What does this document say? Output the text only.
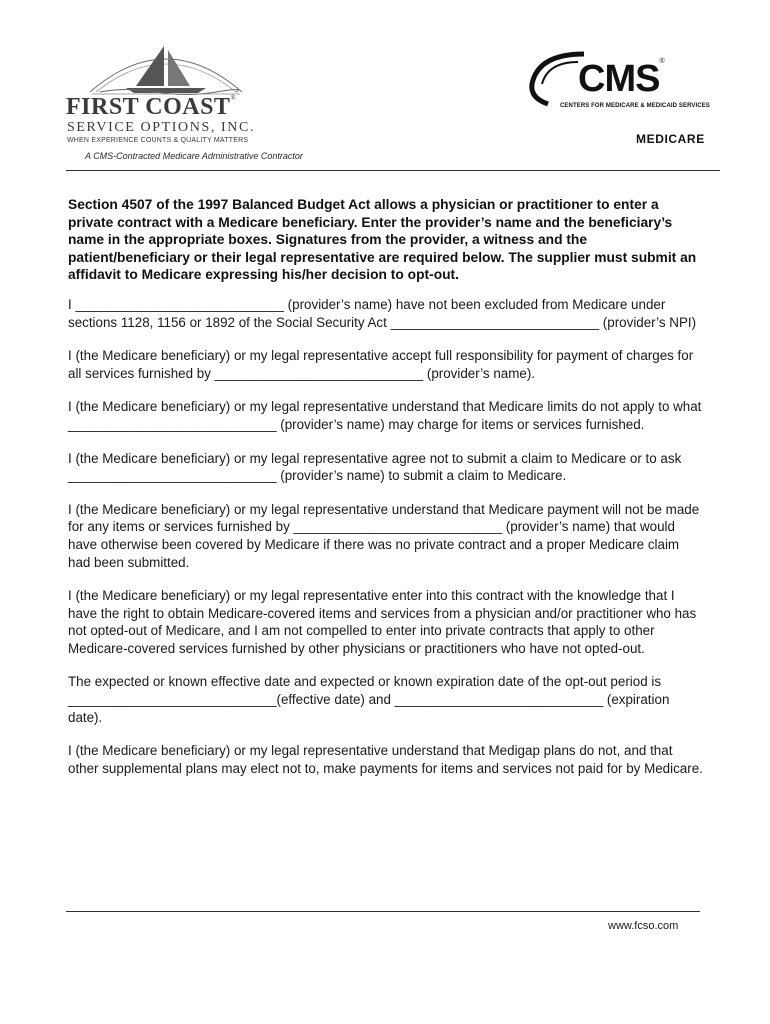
FIRST COAST®
SERVICE OPTIONS, INC.
WHEN EXPERIENCE COUNTS & QUALITY MATTERS
A CMS-Contracted Medicare Administrative Contractor
CMS®
CENTERS FOR MEDICARE & MEDICAID SERVICES
MEDICARE

Section 4507 of the 1997 Balanced Budget Act allows a physician or practitioner to enter a private contract with a Medicare beneficiary. Enter the provider’s name and the beneficiary’s name in the appropriate boxes. Signatures from the provider, a witness and the patient/beneficiary or their legal representative are required below. The supplier must submit an affidavit to Medicare expressing his/her decision to opt-out.

I ____________________________ (provider’s name) have not been excluded from Medicare under sections 1128, 1156 or 1892 of the Social Security Act ____________________________ (provider’s NPI)

I (the Medicare beneficiary) or my legal representative accept full responsibility for payment of charges for all services furnished by ____________________________ (provider’s name).

I (the Medicare beneficiary) or my legal representative understand that Medicare limits do not apply to what ____________________________ (provider’s name) may charge for items or services furnished.

I (the Medicare beneficiary) or my legal representative agree not to submit a claim to Medicare or to ask ____________________________ (provider’s name) to submit a claim to Medicare.

I (the Medicare beneficiary) or my legal representative understand that Medicare payment will not be made for any items or services furnished by ____________________________ (provider’s name) that would have otherwise been covered by Medicare if there was no private contract and a proper Medicare claim had been submitted.

I (the Medicare beneficiary) or my legal representative enter into this contract with the knowledge that I have the right to obtain Medicare-covered items and services from a physician and/or practitioner who has not opted-out of Medicare, and I am not compelled to enter into private contracts that apply to other Medicare-covered services furnished by other physicians or practitioners who have not opted-out.

The expected or known effective date and expected or known expiration date of the opt-out period is ____________________________(effective date) and ____________________________ (expiration date).

I (the Medicare beneficiary) or my legal representative understand that Medigap plans do not, and that other supplemental plans may elect not to, make payments for items and services not paid for by Medicare.

www.fcso.com
